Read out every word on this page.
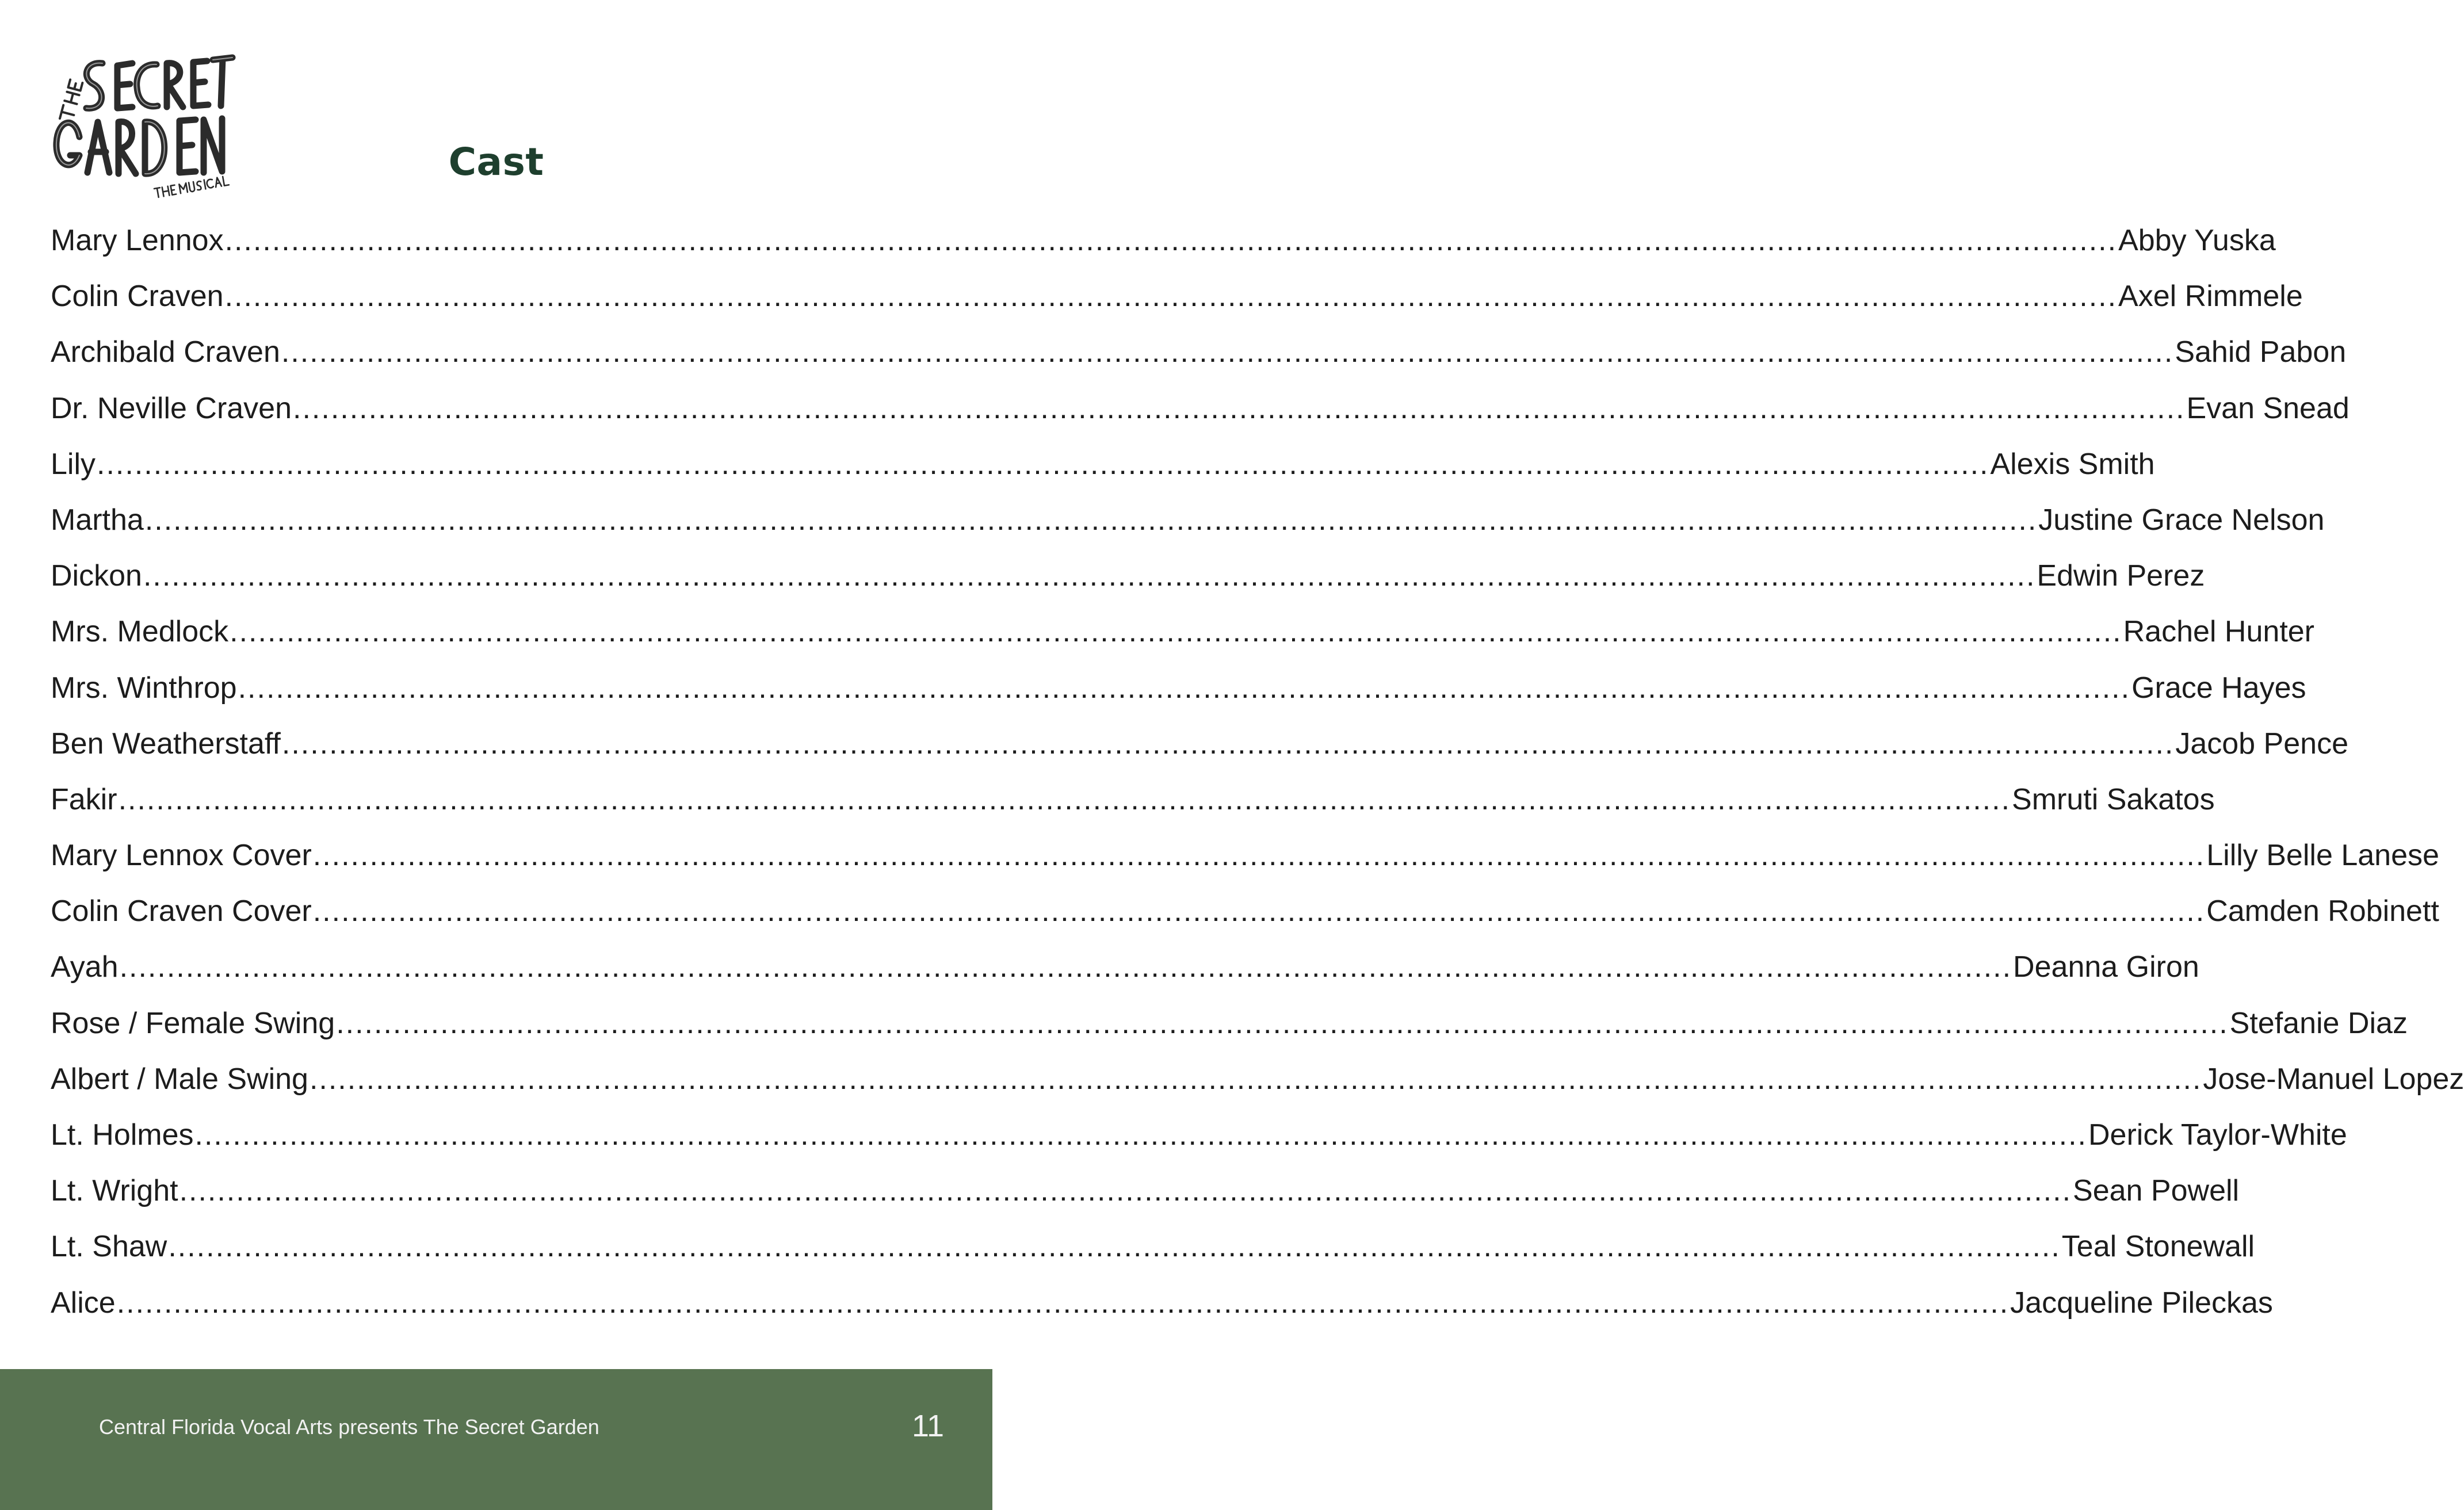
Cast
Mary Lennox ........................................................................................................................................................................................................ Abby Yuska
Colin Craven ........................................................................................................................................................................................................ Axel Rimmele
Archibald Craven ........................................................................................................................................................................................................ Sahid Pabon
Dr. Neville Craven ........................................................................................................................................................................................................ Evan Snead
Lily ........................................................................................................................................................................................................ Alexis Smith
Martha ........................................................................................................................................................................................................ Justine Grace Nelson
Dickon ........................................................................................................................................................................................................ Edwin Perez
Mrs. Medlock ........................................................................................................................................................................................................ Rachel Hunter
Mrs. Winthrop ........................................................................................................................................................................................................ Grace Hayes
Ben Weatherstaff ........................................................................................................................................................................................................ Jacob Pence
Fakir ........................................................................................................................................................................................................ Smruti Sakatos
Mary Lennox Cover ........................................................................................................................................................................................................ Lilly Belle Lanese
Colin Craven Cover ........................................................................................................................................................................................................ Camden Robinett
Ayah ........................................................................................................................................................................................................ Deanna Giron
Rose / Female Swing ........................................................................................................................................................................................................ Stefanie Diaz
Albert / Male Swing ........................................................................................................................................................................................................ Jose-Manuel Lopez
Lt. Holmes ........................................................................................................................................................................................................ Derick Taylor-White
Lt. Wright ........................................................................................................................................................................................................ Sean Powell
Lt. Shaw ........................................................................................................................................................................................................ Teal Stonewall
Alice ........................................................................................................................................................................................................ Jacqueline Pileckas
Central Florida Vocal Arts presents The Secret Garden	11
